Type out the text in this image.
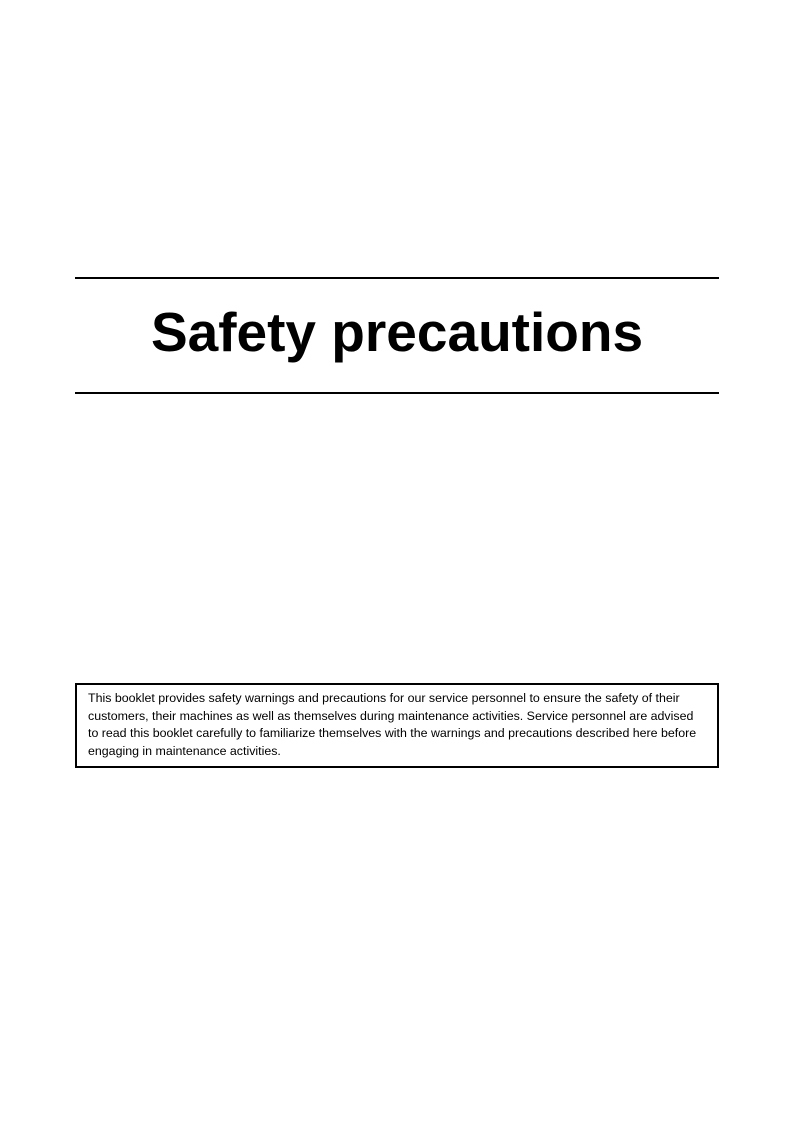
Safety precautions

This booklet provides safety warnings and precautions for our service personnel to ensure the safety of their customers, their machines as well as themselves during maintenance activities. Service personnel are advised to read this booklet carefully to familiarize themselves with the warnings and precautions described here before engaging in maintenance activities.
